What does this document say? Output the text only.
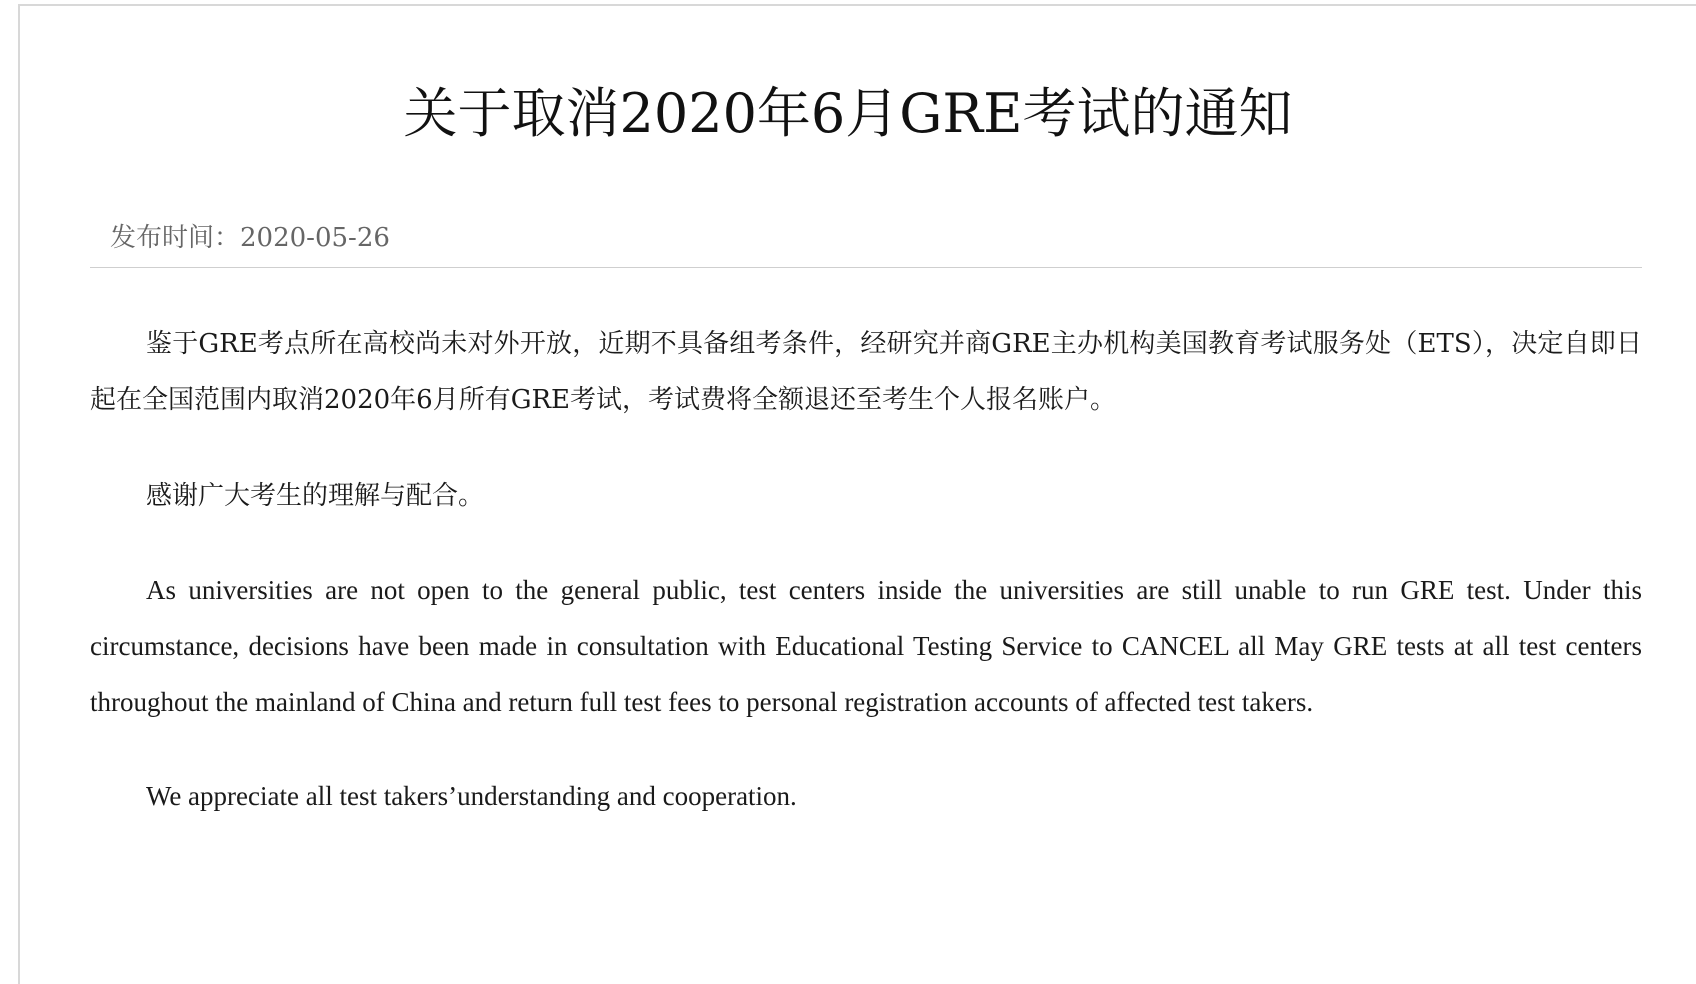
关于取消2020年6月GRE考试的通知
发布时间：2020-05-26

鉴于GRE考点所在高校尚未对外开放，近期不具备组考条件，经研究并商GRE主办机构美国教育考试服务处（ETS），决定自即日起在全国范围内取消2020年6月所有GRE考试，考试费将全额退还至考生个人报名账户。

感谢广大考生的理解与配合。

As universities are not open to the general public, test centers inside the universities are still unable to run GRE test. Under this circumstance, decisions have been made in consultation with Educational Testing Service to CANCEL all May GRE tests at all test centers throughout the mainland of China and return full test fees to personal registration accounts of affected test takers.

We appreciate all test takers’understanding and cooperation.
